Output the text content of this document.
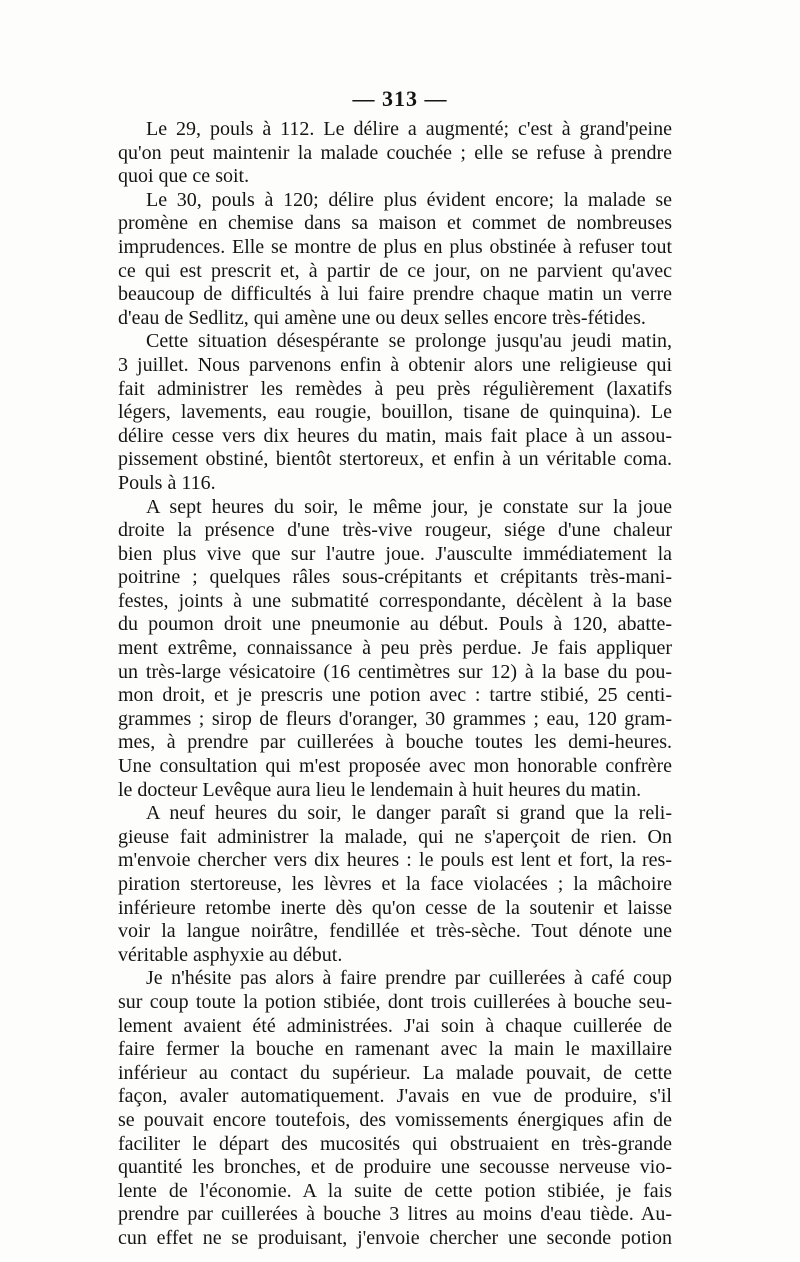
— 313 —
Le 29, pouls à 112. Le délire a augmenté; c'est à grand'peine
qu'on peut maintenir la malade couchée ; elle se refuse à prendre
quoi que ce soit.
Le 30, pouls à 120; délire plus évident encore; la malade se
promène en chemise dans sa maison et commet de nombreuses
imprudences. Elle se montre de plus en plus obstinée à refuser tout
ce qui est prescrit et, à partir de ce jour, on ne parvient qu'avec
beaucoup de difficultés à lui faire prendre chaque matin un verre
d'eau de Sedlitz, qui amène une ou deux selles encore très-fétides.
Cette situation désespérante se prolonge jusqu'au jeudi matin,
3 juillet. Nous parvenons enfin à obtenir alors une religieuse qui
fait administrer les remèdes à peu près régulièrement (laxatifs
légers, lavements, eau rougie, bouillon, tisane de quinquina). Le
délire cesse vers dix heures du matin, mais fait place à un assou-
pissement obstiné, bientôt stertoreux, et enfin à un véritable coma.
Pouls à 116.
A sept heures du soir, le même jour, je constate sur la joue
droite la présence d'une très-vive rougeur, siége d'une chaleur
bien plus vive que sur l'autre joue. J'ausculte immédiatement la
poitrine ; quelques râles sous-crépitants et crépitants très-mani-
festes, joints à une submatité correspondante, décèlent à la base
du poumon droit une pneumonie au début. Pouls à 120, abatte-
ment extrême, connaissance à peu près perdue. Je fais appliquer
un très-large vésicatoire (16 centimètres sur 12) à la base du pou-
mon droit, et je prescris une potion avec : tartre stibié, 25 centi-
grammes ; sirop de fleurs d'oranger, 30 grammes ; eau, 120 gram-
mes, à prendre par cuillerées à bouche toutes les demi-heures.
Une consultation qui m'est proposée avec mon honorable confrère
le docteur Levêque aura lieu le lendemain à huit heures du matin.
A neuf heures du soir, le danger paraît si grand que la reli-
gieuse fait administrer la malade, qui ne s'aperçoit de rien. On
m'envoie chercher vers dix heures : le pouls est lent et fort, la res-
piration stertoreuse, les lèvres et la face violacées ; la mâchoire
inférieure retombe inerte dès qu'on cesse de la soutenir et laisse
voir la langue noirâtre, fendillée et très-sèche. Tout dénote une
véritable asphyxie au début.
Je n'hésite pas alors à faire prendre par cuillerées à café coup
sur coup toute la potion stibiée, dont trois cuillerées à bouche seu-
lement avaient été administrées. J'ai soin à chaque cuillerée de
faire fermer la bouche en ramenant avec la main le maxillaire
inférieur au contact du supérieur. La malade pouvait, de cette
façon, avaler automatiquement. J'avais en vue de produire, s'il
se pouvait encore toutefois, des vomissements énergiques afin de
faciliter le départ des mucosités qui obstruaient en très-grande
quantité les bronches, et de produire une secousse nerveuse vio-
lente de l'économie. A la suite de cette potion stibiée, je fais
prendre par cuillerées à bouche 3 litres au moins d'eau tiède. Au-
cun effet ne se produisant, j'envoie chercher une seconde potion
